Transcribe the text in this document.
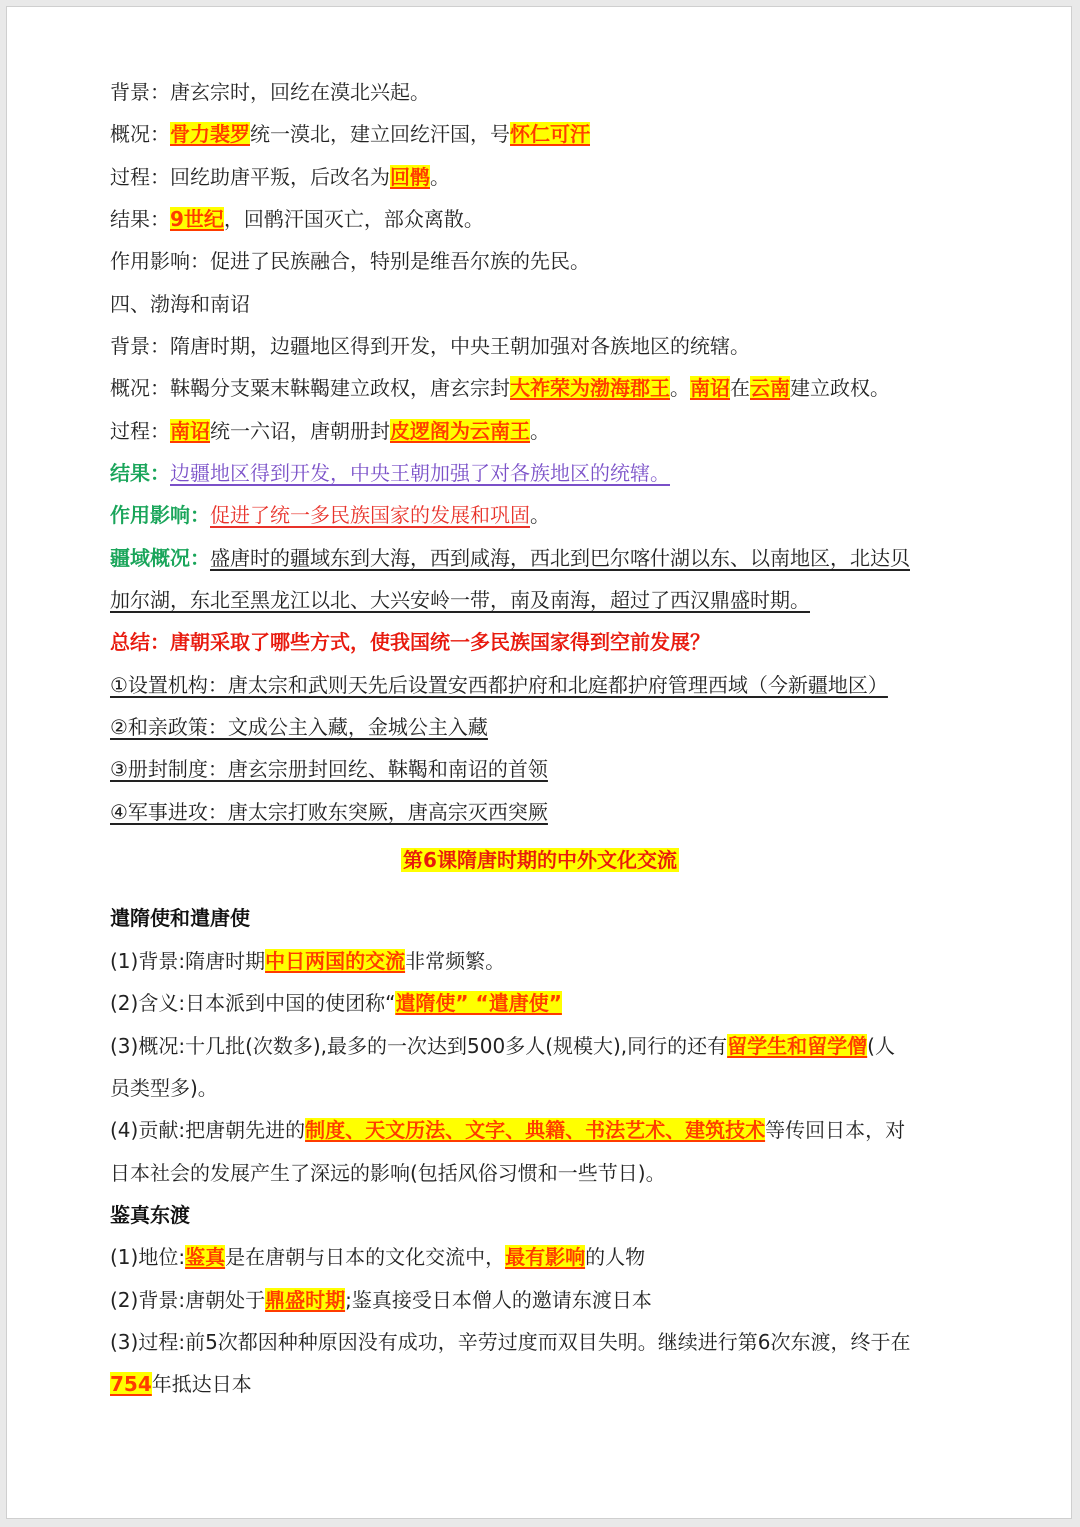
背景：唐玄宗时，回纥在漠北兴起。
概况：骨力裴罗统一漠北，建立回纥汗国，号怀仁可汗
过程：回纥助唐平叛，后改名为回鹘。
结果：9世纪，回鹘汗国灭亡，部众离散。
作用影响：促进了民族融合，特别是维吾尔族的先民。
四、渤海和南诏
背景：隋唐时期，边疆地区得到开发，中央王朝加强对各族地区的统辖。
概况：靺鞨分支粟末靺鞨建立政权，唐玄宗封大祚荣为渤海郡王。南诏在云南建立政权。
过程：南诏统一六诏，唐朝册封皮逻阁为云南王。
结果：边疆地区得到开发，中央王朝加强了对各族地区的统辖。
作用影响：促进了统一多民族国家的发展和巩固。
疆域概况：盛唐时的疆域东到大海，西到咸海，西北到巴尔喀什湖以东、以南地区，北达贝
加尔湖，东北至黑龙江以北、大兴安岭一带，南及南海，超过了西汉鼎盛时期。
总结：唐朝采取了哪些方式，使我国统一多民族国家得到空前发展？
①设置机构：唐太宗和武则天先后设置安西都护府和北庭都护府管理西域（今新疆地区）
②和亲政策：文成公主入藏，金城公主入藏
③册封制度：唐玄宗册封回纥、靺鞨和南诏的首领
④军事进攻：唐太宗打败东突厥，唐高宗灭西突厥
第6课隋唐时期的中外文化交流
遣隋使和遣唐使
(1)背景:隋唐时期中日两国的交流非常频繁。
(2)含义:日本派到中国的使团称“遣隋使” “遣唐使”
(3)概况:十几批(次数多),最多的一次达到500多人(规模大),同行的还有留学生和留学僧(人
员类型多)。
(4)贡献:把唐朝先进的制度、天文历法、文字、典籍、书法艺术、建筑技术等传回日本，对
日本社会的发展产生了深远的影响(包括风俗习惯和一些节日)。
鉴真东渡
(1)地位:鉴真是在唐朝与日本的文化交流中，最有影响的人物
(2)背景:唐朝处于鼎盛时期;鉴真接受日本僧人的邀请东渡日本
(3)过程:前5次都因种种原因没有成功，辛劳过度而双目失明。继续进行第6次东渡，终于在
754年抵达日本
